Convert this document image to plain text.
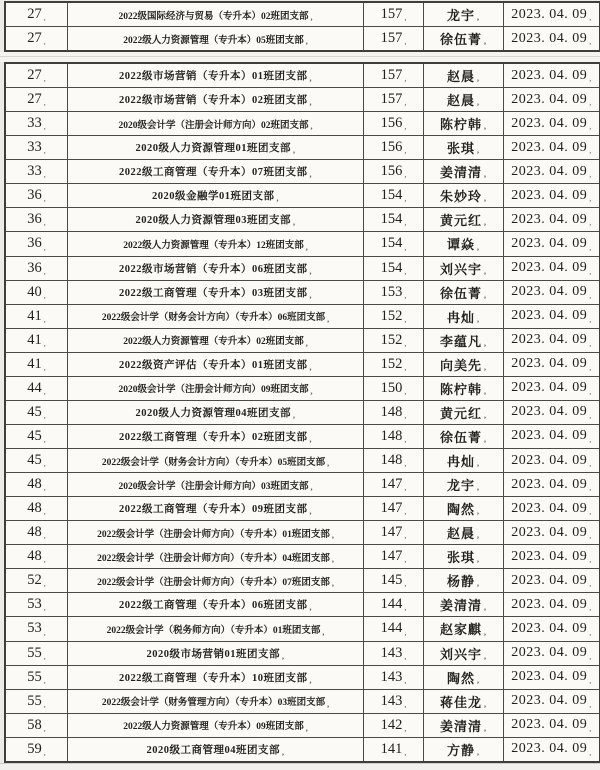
27 ,	2022级国际经济与贸易（专升本）02班团支部 ,	157 ,	龙宇 , 2023. 04. 09 ,
27 ,	2022级人力资源管理（专升本）05班团支部 ,	157 ,	徐伍菁 , 2023. 04. 09 ,
27 ,	2022级市场营销（专升本）01班团支部 ,	157 ,	赵晨 , 2023. 04. 09 ,
27 ,	2022级市场营销（专升本）02班团支部 ,	157 ,	赵晨 , 2023. 04. 09 ,
33 ,	2020级会计学（注册会计师方向）02班团支部 ,	156 ,	陈柠韩 , 2023. 04. 09 ,
33 ,	2020级人力资源管理01班团支部 ,	156 ,	张琪 , 2023. 04. 09 ,
33 ,	2022级工商管理（专升本）07班团支部 ,	156 ,	姜清清 , 2023. 04. 09 ,
36 ,	2020级金融学01班团支部 ,	154 ,	朱妙玲 , 2023. 04. 09 ,
36 ,	2020级人力资源管理03班团支部 ,	154 ,	黄元红 , 2023. 04. 09 ,
36 ,	2022级人力资源管理（专升本）12班团支部 ,	154 ,	谭焱 , 2023. 04. 09 ,
36 ,	2022级市场营销（专升本）06班团支部 ,	154 ,	刘兴宇 , 2023. 04. 09 ,
40 ,	2022级工商管理（专升本）03班团支部 ,	153 ,	徐伍菁 , 2023. 04. 09 ,
41 ,	2022级会计学（财务会计方向）（专升本）06班团支部 ,	152 ,	冉灿 , 2023. 04. 09 ,
41 ,	2022级人力资源管理（专升本）02班团支部 ,	152 ,	李蕴凡 , 2023. 04. 09 ,
41 ,	2022级资产评估（专升本）01班团支部 ,	152 ,	向美先 , 2023. 04. 09 ,
44 ,	2020级会计学（注册会计师方向）09班团支部 ,	150 ,	陈柠韩 , 2023. 04. 09 ,
45 ,	2020级人力资源管理04班团支部 ,	148 ,	黄元红 , 2023. 04. 09 ,
45 ,	2022级工商管理（专升本）02班团支部 ,	148 ,	徐伍菁 , 2023. 04. 09 ,
45 ,	2022级会计学（财务会计方向）（专升本）05班团支部 ,	148 ,	冉灿 , 2023. 04. 09 ,
48 ,	2020级会计学（注册会计师方向）03班团支部 ,	147 ,	龙宇 , 2023. 04. 09 ,
48 ,	2022级工商管理（专升本）09班团支部 ,	147 ,	陶然 , 2023. 04. 09 ,
48 ,	2022级会计学（注册会计师方向）（专升本）01班团支部 ,	147 ,	赵晨 , 2023. 04. 09 ,
48 ,	2022级会计学（注册会计师方向）（专升本）04班团支部 ,	147 ,	张琪 , 2023. 04. 09 ,
52 ,	2022级会计学（注册会计师方向）（专升本）07班团支部 ,	145 ,	杨静 , 2023. 04. 09 ,
53 ,	2022级工商管理（专升本）06班团支部 ,	144 ,	姜清清 , 2023. 04. 09 ,
53 ,	2022级会计学（税务师方向）（专升本）01班团支部 ,	144 ,	赵家麒 , 2023. 04. 09 ,
55 ,	2020级市场营销01班团支部 ,	143 ,	刘兴宇 , 2023. 04. 09 ,
55 ,	2022级工商管理（专升本）10班团支部 ,	143 ,	陶然 , 2023. 04. 09 ,
55 ,	2022级会计学（财务管理方向）（专升本）03班团支部 ,	143 ,	蒋佳龙 , 2023. 04. 09 ,
58 ,	2022级人力资源管理（专升本）09班团支部 ,	142 ,	姜清清 , 2023. 04. 09 ,
59 ,	2020级工商管理04班团支部 ,	141 ,	方静 , 2023. 04. 09 ,
